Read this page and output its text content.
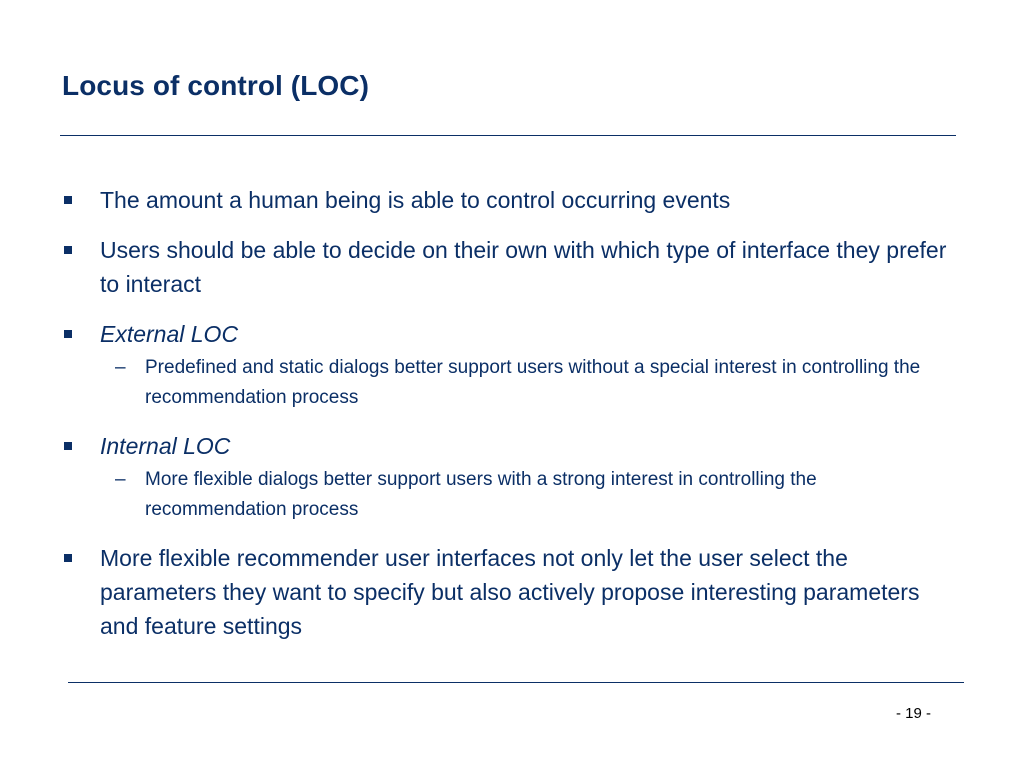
Locus of control (LOC)
The amount a human being is able to control occurring events
Users should be able to decide on their own with which type of interface they prefer to interact
External LOC
– Predefined and static dialogs better support users without a special interest in controlling the recommendation process
Internal LOC
– More flexible dialogs better support users with a strong interest in controlling the recommendation process
More flexible recommender user interfaces not only let the user select the parameters they want to specify but also actively propose interesting parameters and feature settings
- 19 -
